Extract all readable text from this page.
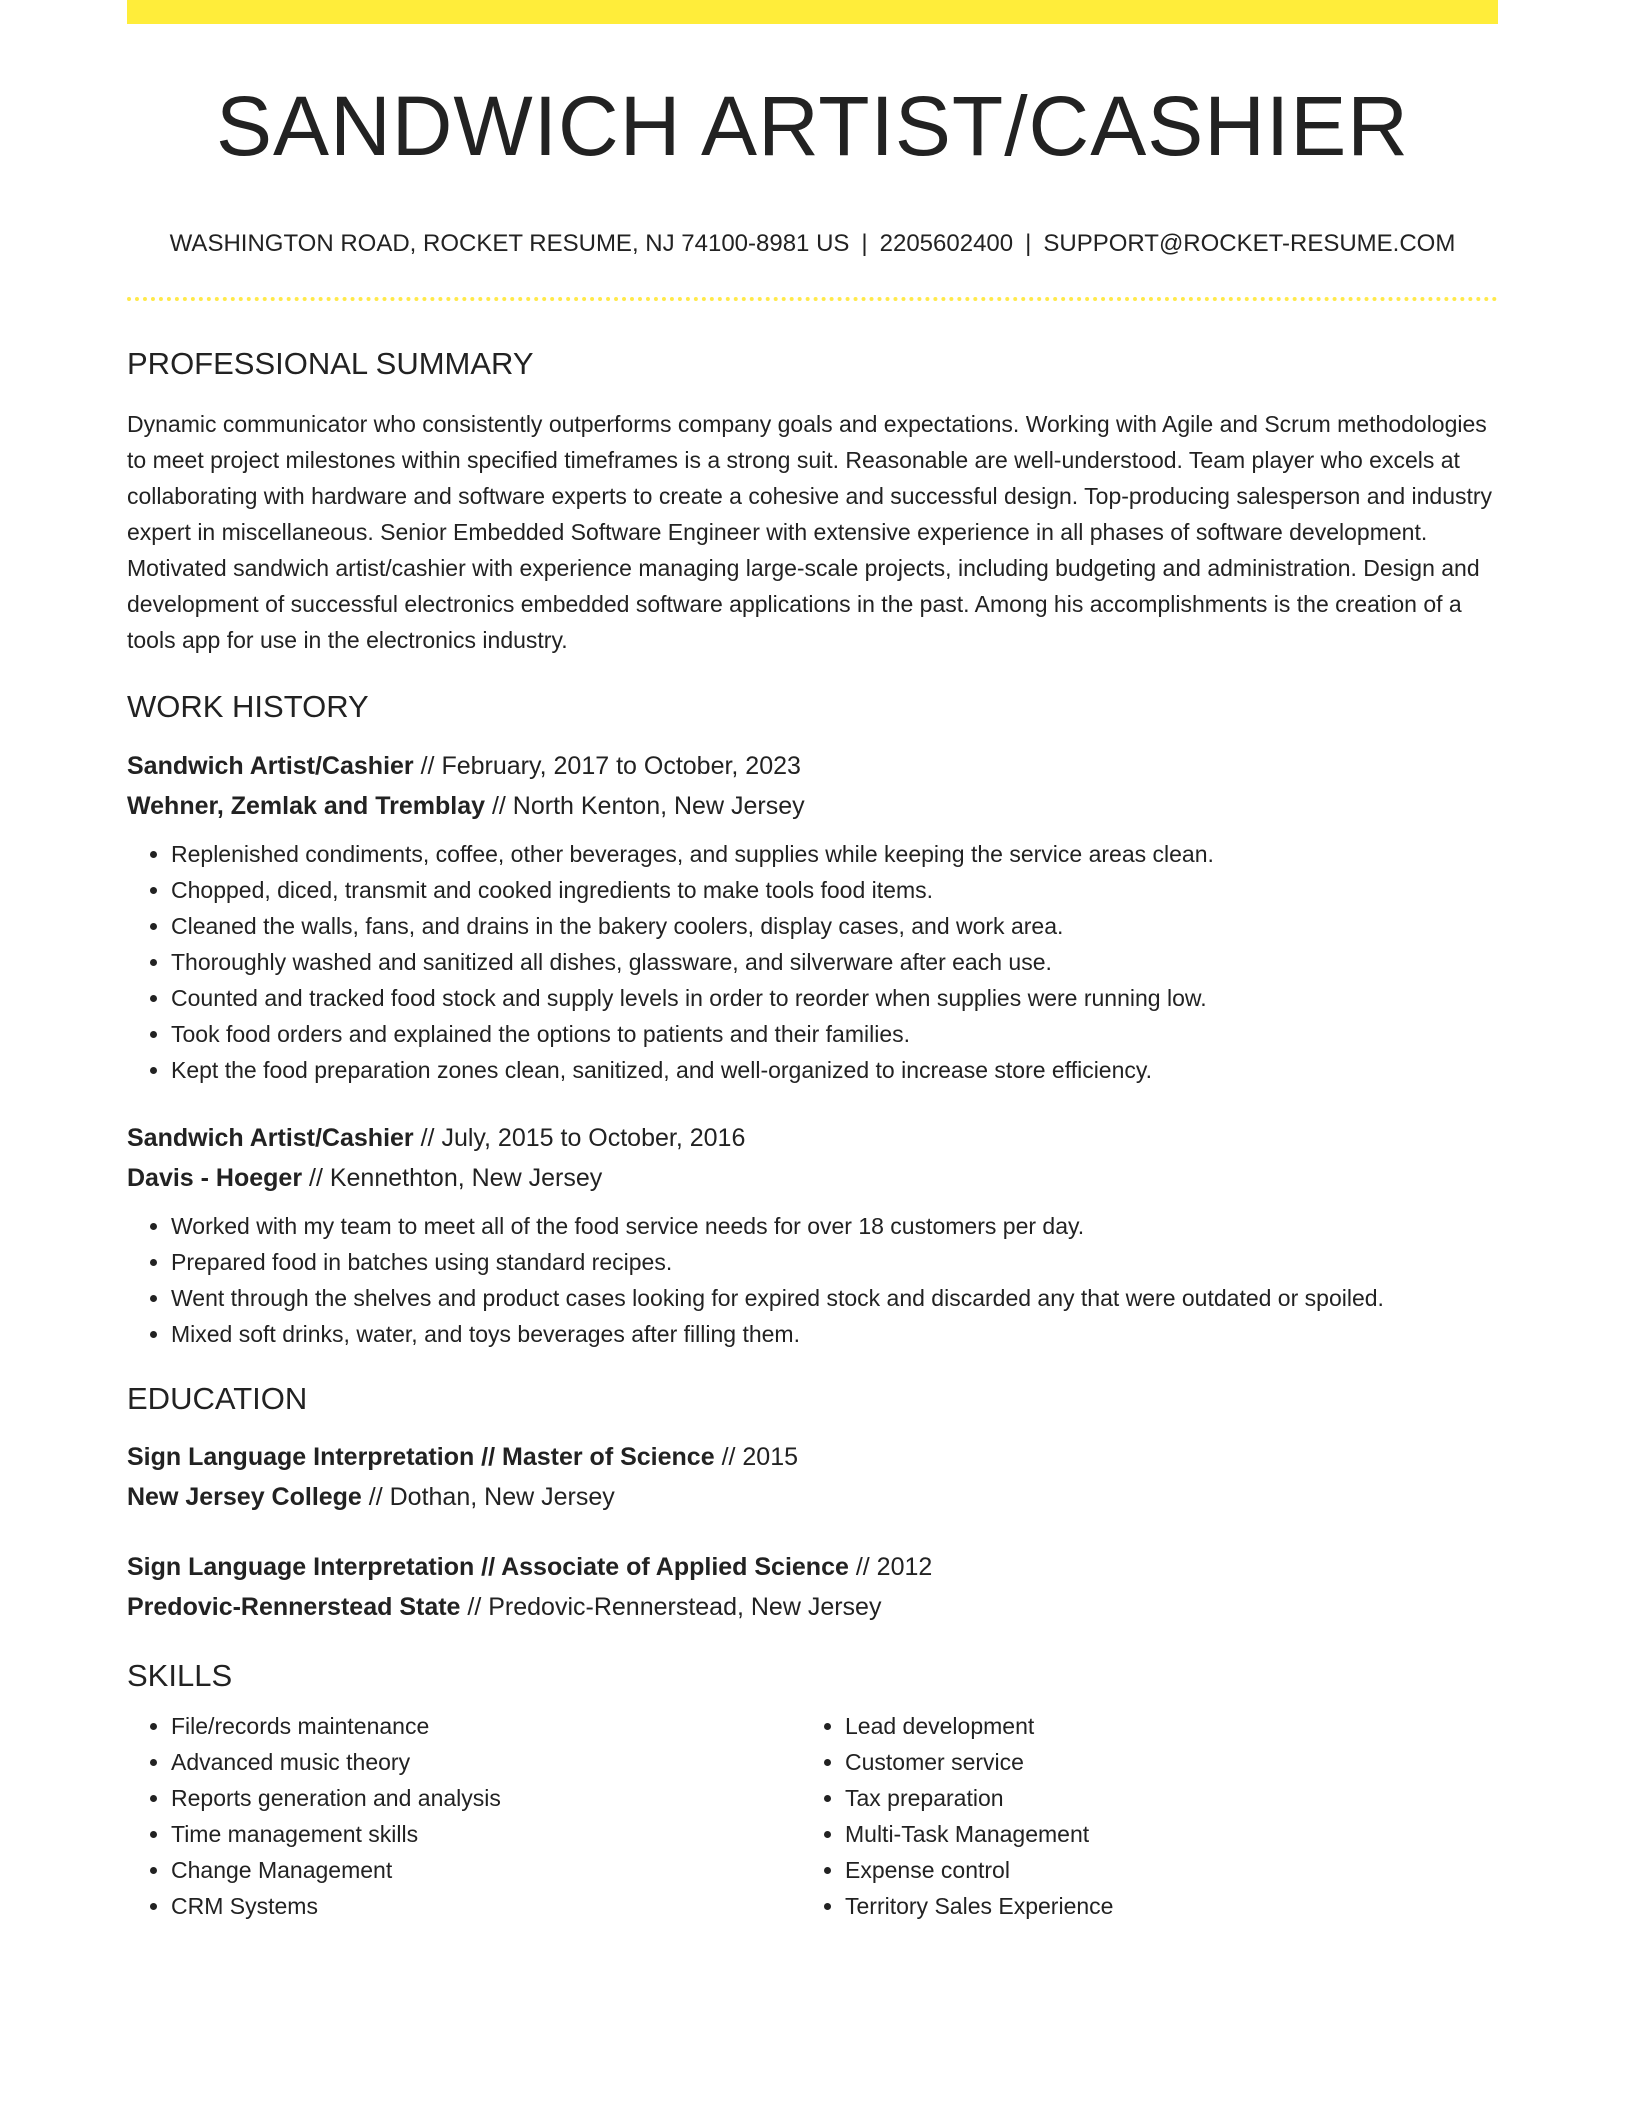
SANDWICH ARTIST/CASHIER
WASHINGTON ROAD, ROCKET RESUME, NJ 74100-8981 US | 2205602400 | SUPPORT@ROCKET-RESUME.COM
PROFESSIONAL SUMMARY
Dynamic communicator who consistently outperforms company goals and expectations. Working with Agile and Scrum methodologies to meet project milestones within specified timeframes is a strong suit. Reasonable are well-understood. Team player who excels at collaborating with hardware and software experts to create a cohesive and successful design. Top-producing salesperson and industry expert in miscellaneous. Senior Embedded Software Engineer with extensive experience in all phases of software development. Motivated sandwich artist/cashier with experience managing large-scale projects, including budgeting and administration. Design and development of successful electronics embedded software applications in the past. Among his accomplishments is the creation of a tools app for use in the electronics industry.
WORK HISTORY
Sandwich Artist/Cashier // February, 2017 to October, 2023
Wehner, Zemlak and Tremblay // North Kenton, New Jersey
• Replenished condiments, coffee, other beverages, and supplies while keeping the service areas clean.
• Chopped, diced, transmit and cooked ingredients to make tools food items.
• Cleaned the walls, fans, and drains in the bakery coolers, display cases, and work area.
• Thoroughly washed and sanitized all dishes, glassware, and silverware after each use.
• Counted and tracked food stock and supply levels in order to reorder when supplies were running low.
• Took food orders and explained the options to patients and their families.
• Kept the food preparation zones clean, sanitized, and well-organized to increase store efficiency.
Sandwich Artist/Cashier // July, 2015 to October, 2016
Davis - Hoeger // Kennethton, New Jersey
• Worked with my team to meet all of the food service needs for over 18 customers per day.
• Prepared food in batches using standard recipes.
• Went through the shelves and product cases looking for expired stock and discarded any that were outdated or spoiled.
• Mixed soft drinks, water, and toys beverages after filling them.
EDUCATION
Sign Language Interpretation // Master of Science // 2015
New Jersey College // Dothan, New Jersey
Sign Language Interpretation // Associate of Applied Science // 2012
Predovic-Rennerstead State // Predovic-Rennerstead, New Jersey
SKILLS
• File/records maintenance
• Advanced music theory
• Reports generation and analysis
• Time management skills
• Change Management
• CRM Systems
• Lead development
• Customer service
• Tax preparation
• Multi-Task Management
• Expense control
• Territory Sales Experience
